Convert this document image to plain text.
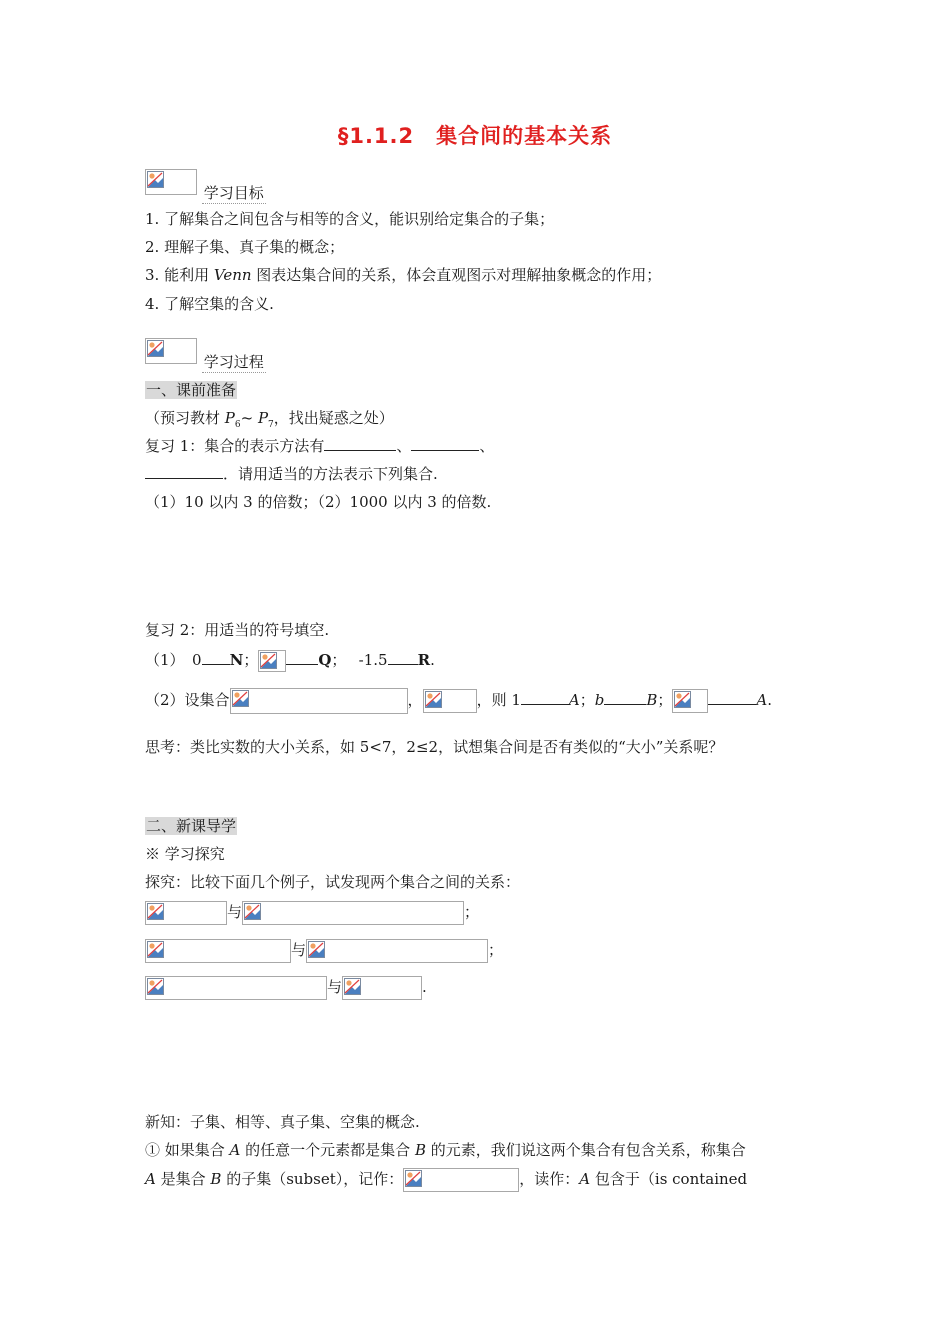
§1.1.2　集合间的基本关系
学习目标
1. 了解集合之间包含与相等的含义，能识别给定集合的子集；
2. 理解子集、真子集的概念；
3. 能利用 Venn 图表达集合间的关系，体会直观图示对理解抽象概念的作用；
4. 了解空集的含义.
学习过程
一、课前准备
（预习教材 $P_6\sim$ $P_7$，找出疑惑之处）
复习 1：集合的表示方法有	、	、
．请用适当的方法表示下列集合.
（1）10 以内 3 的倍数；（2）1000 以内 3 的倍数.
复习 2：用适当的符号填空.
（1）　0 N；	Q；　 -1.5 R.
（2）设集合	，	，则 1	A；b	B；	A.
思考：类比实数的大小关系，如 5<7，2≤2，试想集合间是否有类似的“大小”关系呢？
二、新课导学
※ 学习探究
探究：比较下面几个例子，试发现两个集合之间的关系：
与	；
与	；
与	.
新知：子集、相等、真子集、空集的概念.
① 如果集合 A 的任意一个元素都是集合 B 的元素，我们说这两个集合有包含关系，称集合
A 是集合 B 的子集（subset），记作：	，读作：A 包含于（is contained
